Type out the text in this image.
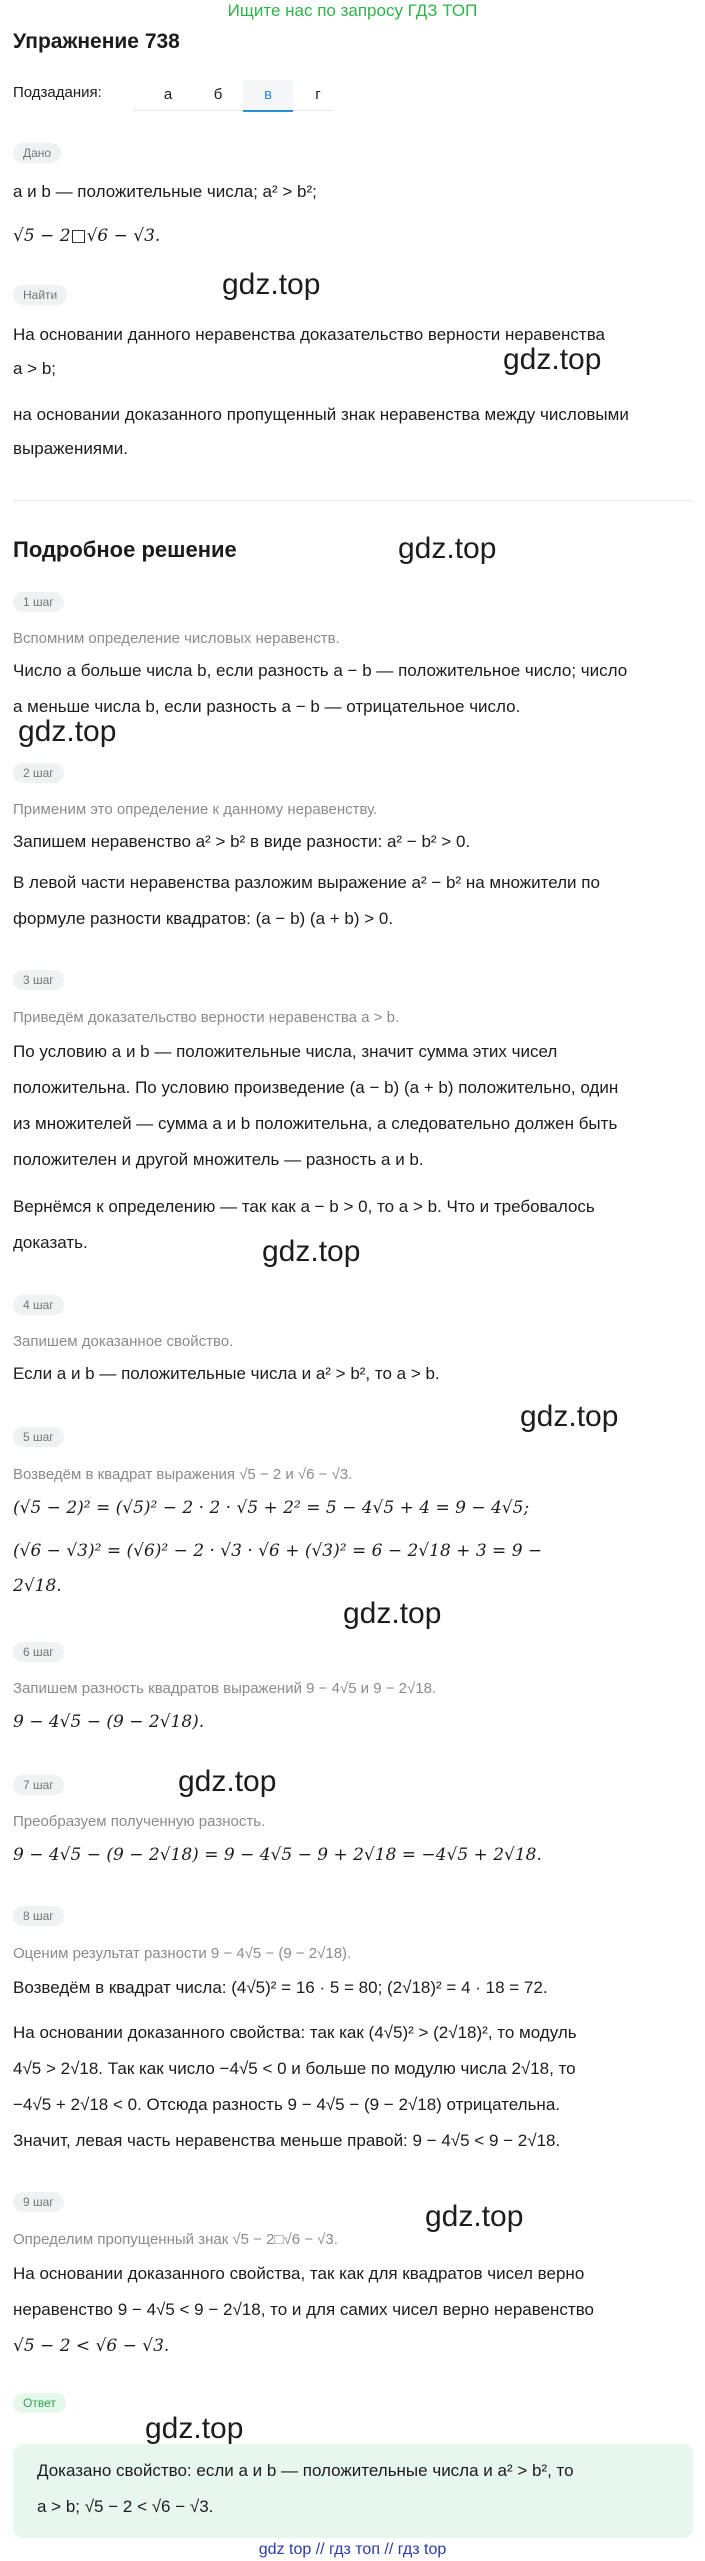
Ищите нас по запросу ГДЗ ТОП
Упражнение 738
Подзадания:	а	б	в	г
Дано
a и b — положительные числа; a² > b²;
√5 − 2□√6 − √3.
Найти
На основании данного неравенства доказательство верности неравенства
a > b;
на основании доказанного пропущенный знак неравенства между числовыми
выражениями.
Подробное решение
1 шаг
Вспомним определение числовых неравенств.
Число a больше числа b, если разность a − b — положительное число; число
a меньше числа b, если разность a − b — отрицательное число.
2 шаг
Применим это определение к данному неравенству.
Запишем неравенство a² > b² в виде разности: a² − b² > 0.
В левой части неравенства разложим выражение a² − b² на множители по
формуле разности квадратов: (a − b) (a + b) > 0.
3 шаг
Приведём доказательство верности неравенства a > b.
По условию a и b — положительные числа, значит сумма этих чисел
положительна. По условию произведение (a − b) (a + b) положительно, один
из множителей — сумма a и b положительна, а следовательно должен быть
положителен и другой множитель — разность a и b.
Вернёмся к определению — так как a − b > 0, то a > b. Что и требовалось
доказать.
4 шаг
Запишем доказанное свойство.
Если a и b — положительные числа и a² > b², то a > b.
5 шаг
Возведём в квадрат выражения √5 − 2 и √6 − √3.
(√5 − 2)² = (√5)² − 2 · 2 · √5 + 2² = 5 − 4√5 + 4 = 9 − 4√5;
(√6 − √3)² = (√6)² − 2 · √3 · √6 + (√3)² = 6 − 2√18 + 3 = 9 −
2√18.
6 шаг
Запишем разность квадратов выражений 9 − 4√5 и 9 − 2√18.
9 − 4√5 − (9 − 2√18).
7 шаг
Преобразуем полученную разность.
9 − 4√5 − (9 − 2√18) = 9 − 4√5 − 9 + 2√18 = −4√5 + 2√18.
8 шаг
Оценим результат разности 9 − 4√5 − (9 − 2√18).
Возведём в квадрат числа: (4√5)² = 16 · 5 = 80; (2√18)² = 4 · 18 = 72.
На основании доказанного свойства: так как (4√5)² > (2√18)², то модуль
4√5 > 2√18. Так как число −4√5 < 0 и больше по модулю числа 2√18, то
−4√5 + 2√18 < 0. Отсюда разность 9 − 4√5 − (9 − 2√18) отрицательна.
Значит, левая часть неравенства меньше правой: 9 − 4√5 < 9 − 2√18.
9 шаг
Определим пропущенный знак √5 − 2□√6 − √3.
На основании доказанного свойства, так как для квадратов чисел верно
неравенство 9 − 4√5 < 9 − 2√18, то и для самих чисел верно неравенство
√5 − 2 < √6 − √3.
Ответ
Доказано свойство: если a и b — положительные числа и a² > b², то
a > b; √5 − 2 < √6 − √3.
gdz.top
gdz.top
gdz.top
gdz.top
gdz.top
gdz.top
gdz.top
gdz.top
gdz.top
gdz.top
gdz top // гдз топ // гдз top
